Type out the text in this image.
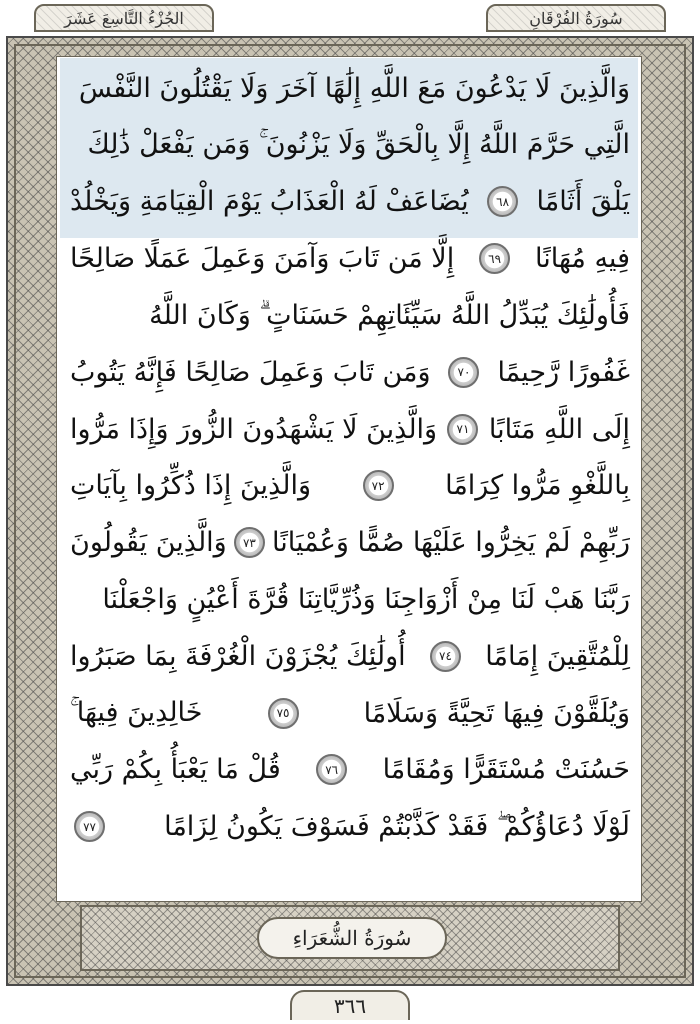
الجُزْءُ التَّاسِعَ عَشَرَ	سُورَةُ الفُرْقَانِ
وَالَّذِينَ لَا يَدْعُونَ مَعَ اللَّهِ إِلَٰهًا آخَرَ وَلَا يَقْتُلُونَ النَّفْسَ
الَّتِي حَرَّمَ اللَّهُ إِلَّا بِالْحَقِّ وَلَا يَزْنُونَ ۚ وَمَن يَفْعَلْ ذَٰلِكَ
يَلْقَ أَثَامًا
٦٨
يُضَاعَفْ لَهُ الْعَذَابُ يَوْمَ الْقِيَامَةِ وَيَخْلُدْ
فِيهِ مُهَانًا
٦٩
إِلَّا مَن تَابَ وَآمَنَ وَعَمِلَ عَمَلًا صَالِحًا
فَأُولَٰئِكَ يُبَدِّلُ اللَّهُ سَيِّئَاتِهِمْ حَسَنَاتٍ ۗ وَكَانَ اللَّهُ
غَفُورًا رَّحِيمًا
٧٠
وَمَن تَابَ وَعَمِلَ صَالِحًا فَإِنَّهُ يَتُوبُ
إِلَى اللَّهِ مَتَابًا
٧١
وَالَّذِينَ لَا يَشْهَدُونَ الزُّورَ وَإِذَا مَرُّوا
بِاللَّغْوِ مَرُّوا كِرَامًا
٧٢
وَالَّذِينَ إِذَا ذُكِّرُوا بِآيَاتِ
رَبِّهِمْ لَمْ يَخِرُّوا عَلَيْهَا صُمًّا وَعُمْيَانًا
٧٣
وَالَّذِينَ يَقُولُونَ
رَبَّنَا هَبْ لَنَا مِنْ أَزْوَاجِنَا وَذُرِّيَّاتِنَا قُرَّةَ أَعْيُنٍ وَاجْعَلْنَا
لِلْمُتَّقِينَ إِمَامًا
٧٤
أُولَٰئِكَ يُجْزَوْنَ الْغُرْفَةَ بِمَا صَبَرُوا
وَيُلَقَّوْنَ فِيهَا تَحِيَّةً وَسَلَامًا
٧٥
خَالِدِينَ فِيهَا ۚ
حَسُنَتْ مُسْتَقَرًّا وَمُقَامًا
٧٦
قُلْ مَا يَعْبَأُ بِكُمْ رَبِّي
لَوْلَا دُعَاؤُكُمْ ۖ فَقَدْ كَذَّبْتُمْ فَسَوْفَ يَكُونُ لِزَامًا
٧٧
سُورَةُ الشُّعَرَاءِ
٣٦٦
